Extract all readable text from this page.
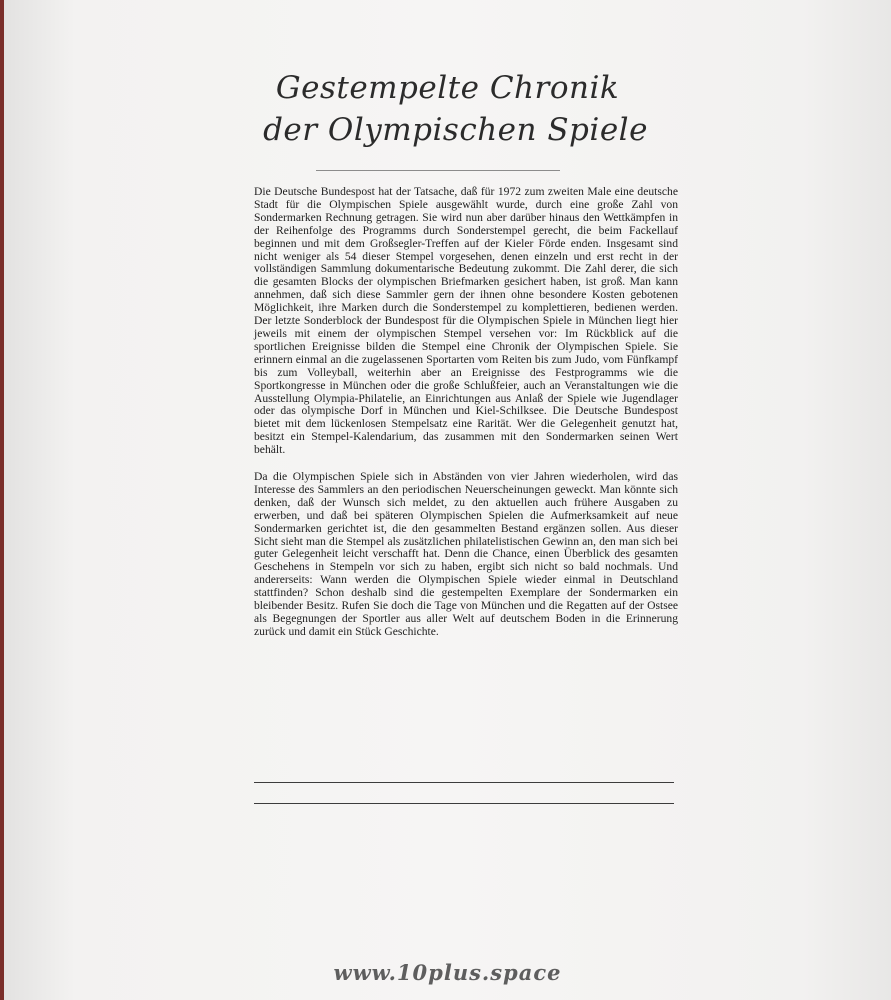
Gestempelte Chronik
der Olympischen Spiele

Die Deutsche Bundespost hat der Tatsache, daß für 1972 zum zweiten Male eine deutsche Stadt für die Olympischen Spiele ausgewählt wurde, durch eine große Zahl von Sondermarken Rechnung getragen. Sie wird nun aber darüber hinaus den Wettkämpfen in der Reihenfolge des Programms durch Sonderstempel gerecht, die beim Fackellauf beginnen und mit dem Großsegler-Treffen auf der Kieler Förde enden. Insgesamt sind nicht weniger als 54 dieser Stempel vorgesehen, denen einzeln und erst recht in der vollständigen Sammlung dokumentarische Bedeutung zukommt. Die Zahl derer, die sich die gesamten Blocks der olympischen Briefmarken gesichert haben, ist groß. Man kann annehmen, daß sich diese Sammler gern der ihnen ohne besondere Kosten gebotenen Möglichkeit, ihre Marken durch die Sonderstempel zu komplettieren, bedienen werden. Der letzte Sonderblock der Bundespost für die Olympischen Spiele in München liegt hier jeweils mit einem der olympischen Stempel versehen vor: Im Rückblick auf die sportlichen Ereignisse bilden die Stempel eine Chronik der Olympischen Spiele. Sie erinnern einmal an die zugelassenen Sportarten vom Reiten bis zum Judo, vom Fünfkampf bis zum Volleyball, weiterhin aber an Ereignisse des Festprogramms wie die Sportkongresse in München oder die große Schlußfeier, auch an Veranstaltungen wie die Ausstellung Olympia-Philatelie, an Einrichtungen aus Anlaß der Spiele wie Jugendlager oder das olympische Dorf in München und Kiel-Schilksee. Die Deutsche Bundespost bietet mit dem lückenlosen Stempelsatz eine Rarität. Wer die Gelegenheit genutzt hat, besitzt ein Stempel-Kalendarium, das zusammen mit den Sondermarken seinen Wert behält.

Da die Olympischen Spiele sich in Abständen von vier Jahren wiederholen, wird das Interesse des Sammlers an den periodischen Neuerscheinungen geweckt. Man könnte sich denken, daß der Wunsch sich meldet, zu den aktuellen auch frühere Ausgaben zu erwerben, und daß bei späteren Olympischen Spielen die Aufmerksamkeit auf neue Sondermarken gerichtet ist, die den gesammelten Bestand ergänzen sollen. Aus dieser Sicht sieht man die Stempel als zusätzlichen philatelistischen Gewinn an, den man sich bei guter Gelegenheit leicht verschafft hat. Denn die Chance, einen Überblick des gesamten Geschehens in Stempeln vor sich zu haben, ergibt sich nicht so bald nochmals. Und andererseits: Wann werden die Olympischen Spiele wieder einmal in Deutschland stattfinden? Schon deshalb sind die gestempelten Exemplare der Sondermarken ein bleibender Besitz. Rufen Sie doch die Tage von München und die Regatten auf der Ostsee als Begegnungen der Sportler aus aller Welt auf deutschem Boden in die Erinnerung zurück und damit ein Stück Geschichte.

www.10plus.space
